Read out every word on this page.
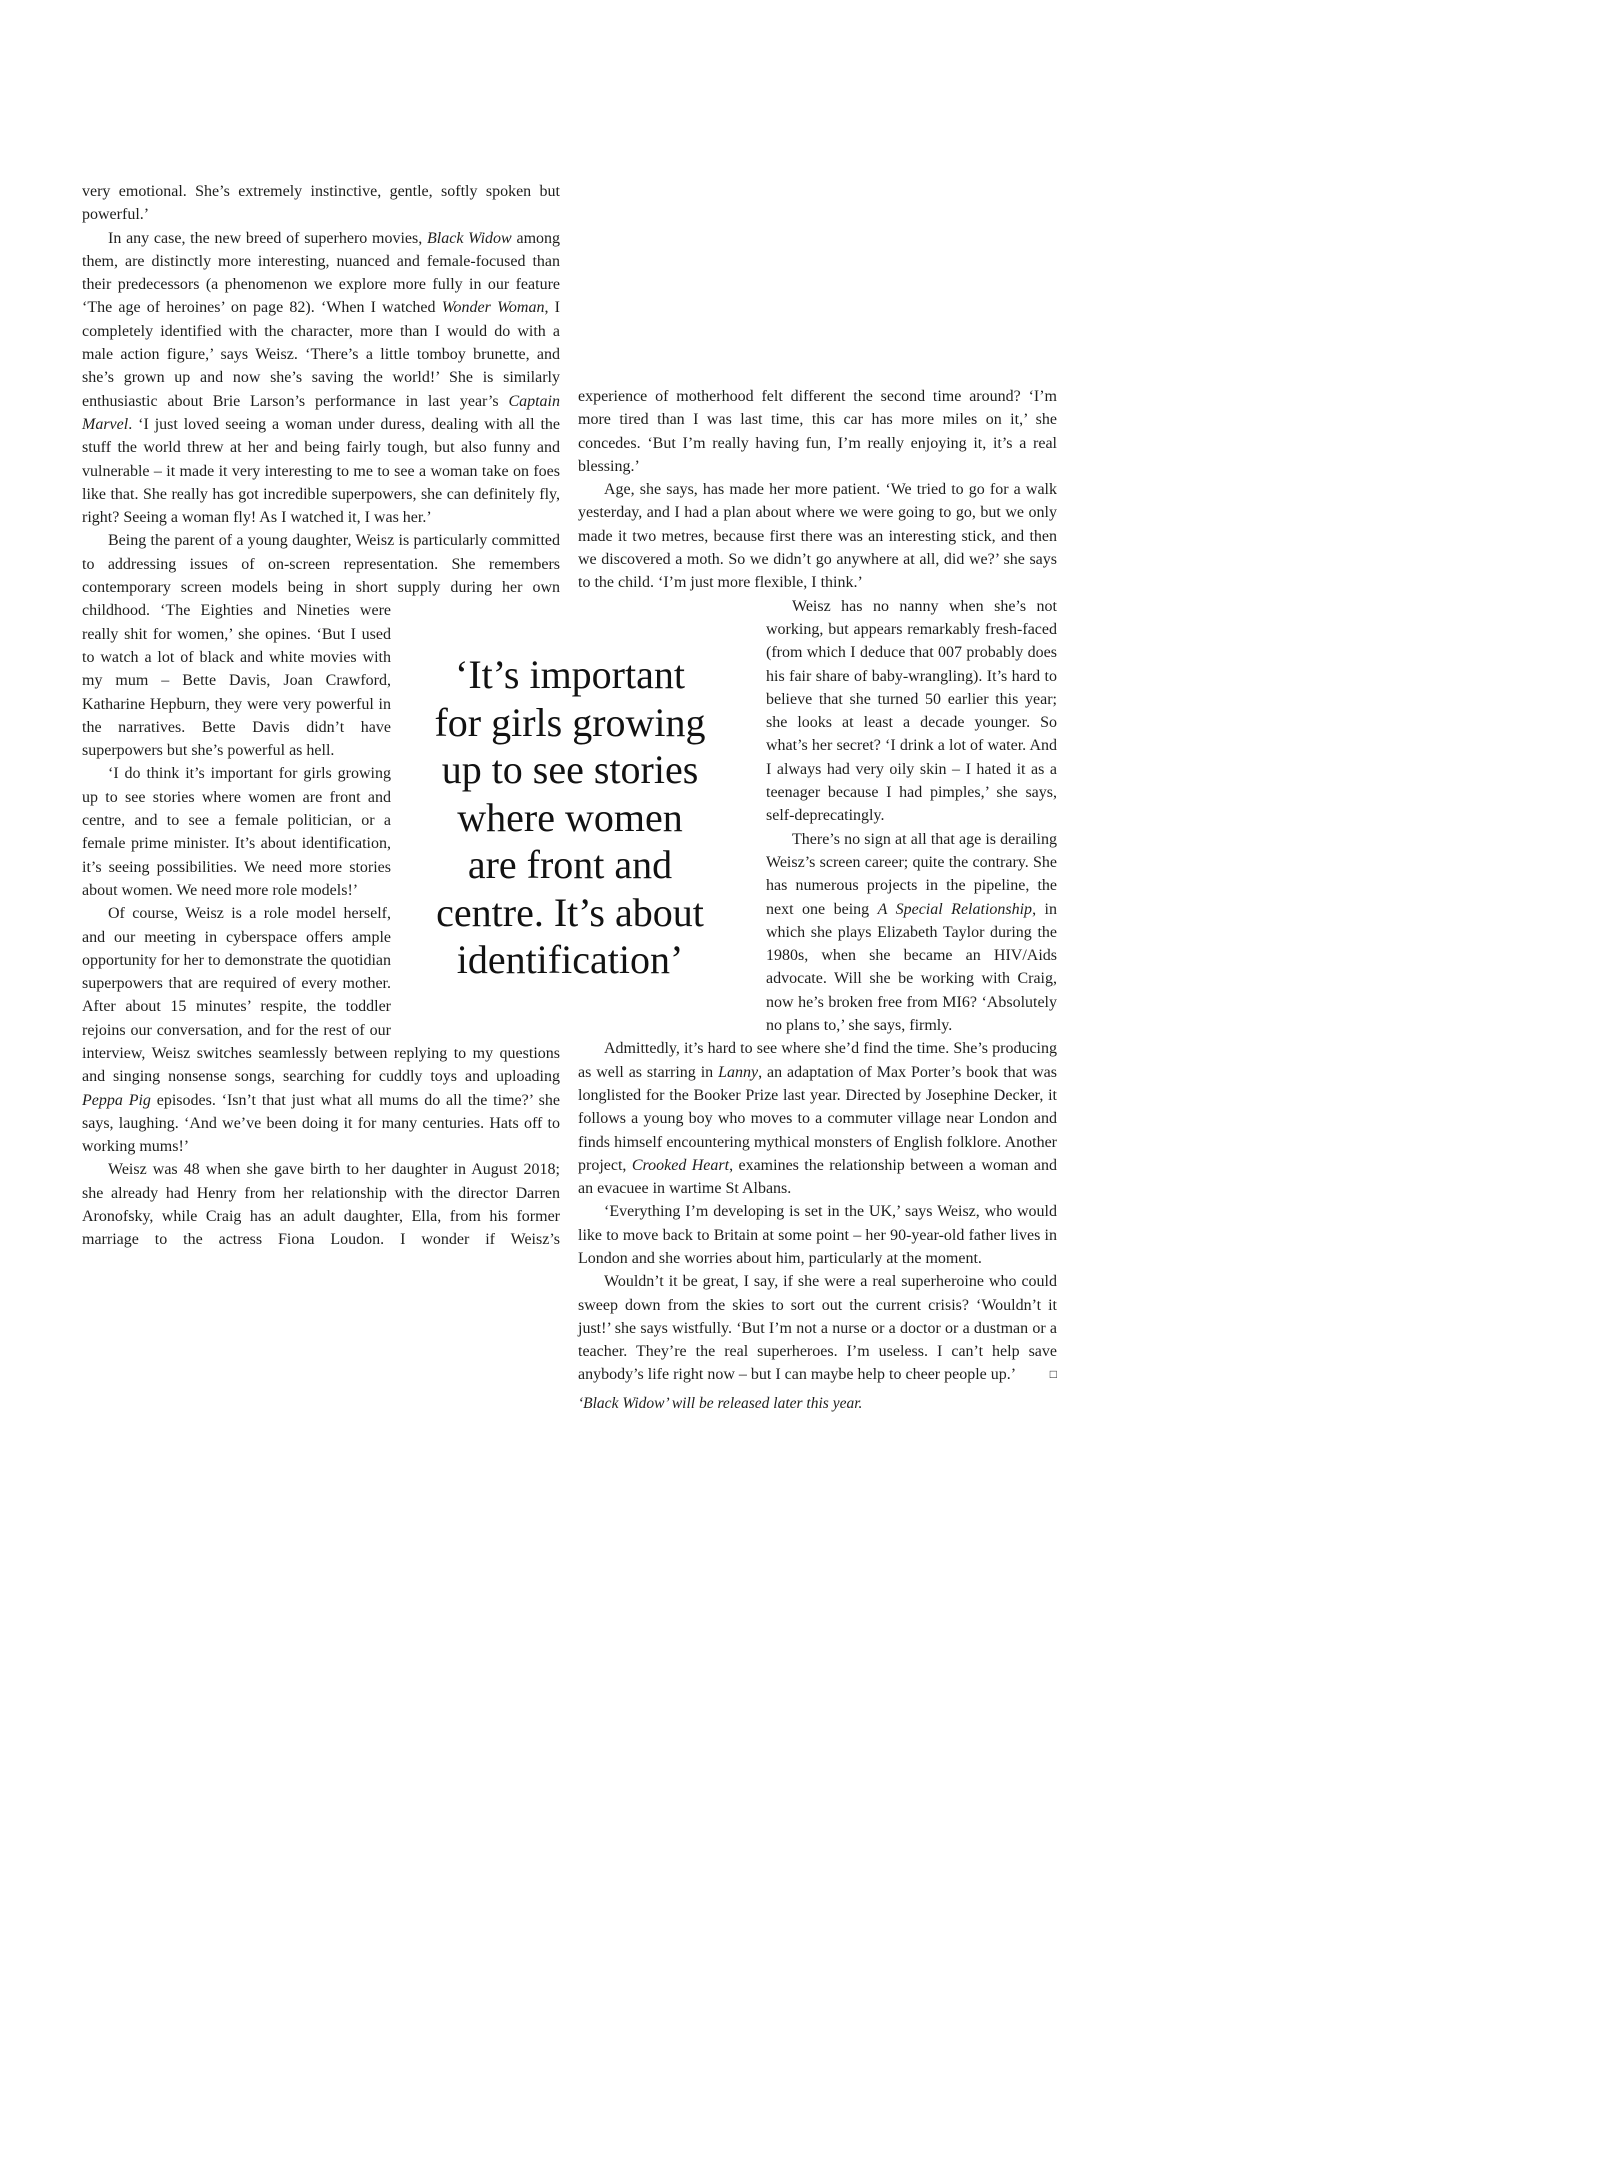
very emotional. She’s extremely instinctive, gentle, softly spoken but powerful.’

In any case, the new breed of superhero movies, Black Widow among them, are distinctly more interesting, nuanced and female-focused than their predecessors (a phenomenon we explore more fully in our feature ‘The age of heroines’ on page 82). ‘When I watched Wonder Woman, I completely identified with the character, more than I would do with a male action figure,’ says Weisz. ‘There’s a little tomboy brunette, and she’s grown up and now she’s saving the world!’ She is similarly enthusiastic about Brie Larson’s performance in last year’s Captain Marvel. ‘I just loved seeing a woman under duress, dealing with all the stuff the world threw at her and being fairly tough, but also funny and vulnerable – it made it very interesting to me to see a woman take on foes like that. She really has got incredible superpowers, she can definitely fly, right? Seeing a woman fly! As I watched it, I was her.’

Being the parent of a young daughter, Weisz is particularly committed to addressing issues of on-screen representation. She remembers contemporary screen models being in short supply during her own childhood. ‘The Eighties and Nineties were really shit for women,’ she opines. ‘But I used to watch a lot of black and white movies with my mum – Bette Davis, Joan Crawford, Katharine Hepburn, they were very powerful in the narratives. Bette Davis didn’t have superpowers but she’s powerful as hell.

‘I do think it’s important for girls growing up to see stories where women are front and centre, and to see a female politician, or a female prime minister. It’s about identification, it’s seeing possibilities. We need more stories about women. We need more role models!’

Of course, Weisz is a role model herself, and our meeting in cyberspace offers ample opportunity for her to demonstrate the quotidian superpowers that are required of every mother. After about 15 minutes’ respite, the toddler rejoins our conversation, and for the rest of our interview, Weisz switches seamlessly between replying to my questions and singing nonsense songs, searching for cuddly toys and uploading Peppa Pig episodes. ‘Isn’t that just what all mums do all the time?’ she says, laughing. ‘And we’ve been doing it for many centuries. Hats off to working mums!’

Weisz was 48 when she gave birth to her daughter in August 2018; she already had Henry from her relationship with the director Darren Aronofsky, while Craig has an adult daughter, Ella, from his former marriage to the actress Fiona Loudon. I wonder if Weisz’s

‘It’s important
for girls growing
up to see stories
where women
are front and
centre. It’s about
identification’

experience of motherhood felt different the second time around? ‘I’m more tired than I was last time, this car has more miles on it,’ she concedes. ‘But I’m really having fun, I’m really enjoying it, it’s a real blessing.’

Age, she says, has made her more patient. ‘We tried to go for a walk yesterday, and I had a plan about where we were going to go, but we only made it two metres, because first there was an interesting stick, and then we discovered a moth. So we didn’t go anywhere at all, did we?’ she says to the child. ‘I’m just more flexible, I think.’

Weisz has no nanny when she’s not working, but appears remarkably fresh-faced (from which I deduce that 007 probably does his fair share of baby-wrangling). It’s hard to believe that she turned 50 earlier this year; she looks at least a decade younger. So what’s her secret? ‘I drink a lot of water. And I always had very oily skin – I hated it as a teenager because I had pimples,’ she says, self-deprecatingly.

There’s no sign at all that age is derailing Weisz’s screen career; quite the contrary. She has numerous projects in the pipeline, the next one being A Special Relationship, in which she plays Elizabeth Taylor during the 1980s, when she became an HIV/Aids advocate. Will she be working with Craig, now he’s broken free from MI6? ‘Absolutely no plans to,’ she says, firmly.

Admittedly, it’s hard to see where she’d find the time. She’s producing as well as starring in Lanny, an adaptation of Max Porter’s book that was longlisted for the Booker Prize last year. Directed by Josephine Decker, it follows a young boy who moves to a commuter village near London and finds himself encountering mythical monsters of English folklore. Another project, Crooked Heart, examines the relationship between a woman and an evacuee in wartime St Albans.

‘Everything I’m developing is set in the UK,’ says Weisz, who would like to move back to Britain at some point – her 90-year-old father lives in London and she worries about him, particularly at the moment.

Wouldn’t it be great, I say, if she were a real superheroine who could sweep down from the skies to sort out the current crisis? ‘Wouldn’t it just!’ she says wistfully. ‘But I’m not a nurse or a doctor or a dustman or a teacher. They’re the real superheroes. I’m useless. I can’t help save anybody’s life right now – but I can maybe help to cheer people up.’	□

‘Black Widow’ will be released later this year.
